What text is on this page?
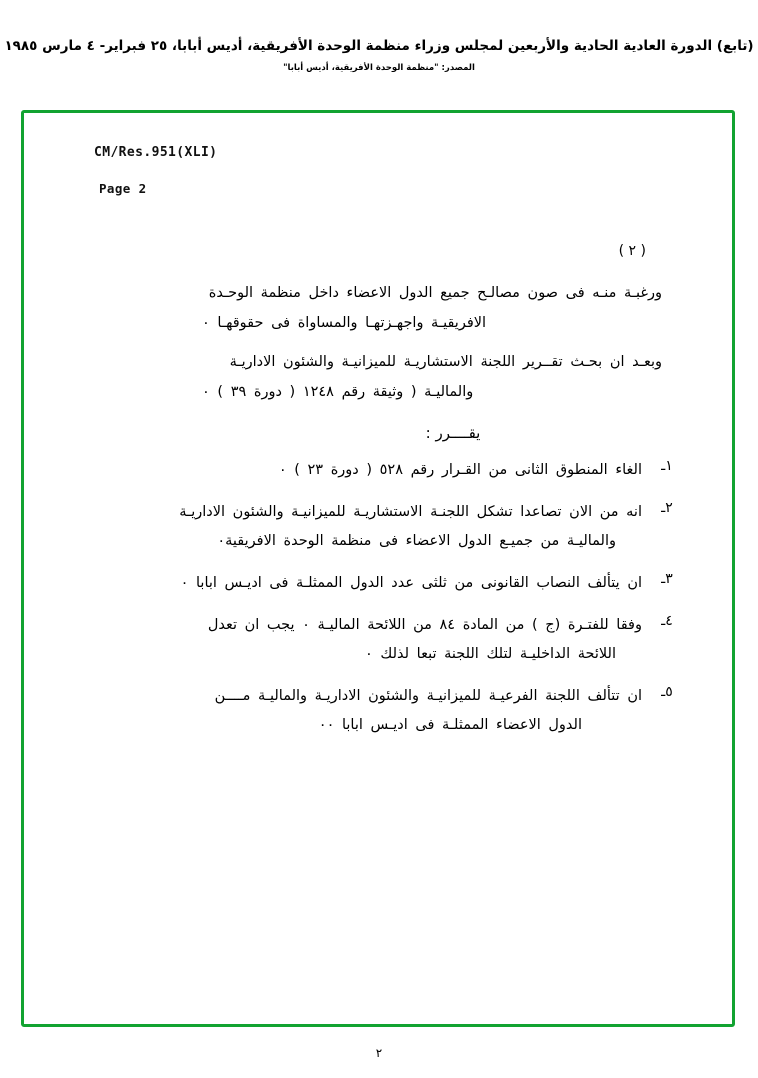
(تابع) الدورة العادية الحادية والأربعين لمجلس وزراء منظمة الوحدة الأفريقية، أديس أبابا، ٢٥ فبراير- ٤ مارس ١٩٨٥
المصدر: "منظمة الوحدة الأفريقية، أديس أبابا"
CM/Res.951(XLI)
Page 2
( ٢ )
ورغبـة منـه فى صون مصالـح جميع الدول الاعضاء داخل منظمة الوحـدة
الافريقيـة واجهـزتهـا والمساواة فى حقوقهـا ٠
وبعـد ان بحـث تقــرير اللجنة الاستشاريـة للميزانيـة والشئون الاداريـة
والماليـة ( وثيقة رقم ١٢٤٨ ( دورة ٣٩ ) ٠
يقــــرر :
١ـ
الغاء المنطوق الثانى من القـرار رقم ٥٢٨ ( دورة ٢٣ ) ٠
٢ـ
انه من الان تصاعدا تشكل اللجنـة الاستشاريـة للميزانيـة والشئون الاداريـة
والماليـة من جميـع الدول الاعضاء فى منظمة الوحدة الافريقية٠
٣ـ
ان يتألف النصاب القانونى من ثلثى عدد الدول الممثلـة فى اديـس ابابا ٠
٤ـ
وفقا للفتـرة (ج ) من المادة ٨٤ من اللائحة الماليـة ٠ يجب ان تعدل
اللائحة الداخليـة لتلك اللجنة تبعا لذلك ٠
٥ـ
ان تتألف اللجنة الفرعيـة للميزانيـة والشئون الاداريـة والماليـة مــــن
الدول الاعضاء الممثلـة فى اديـس ابابا ٠٠
٢
